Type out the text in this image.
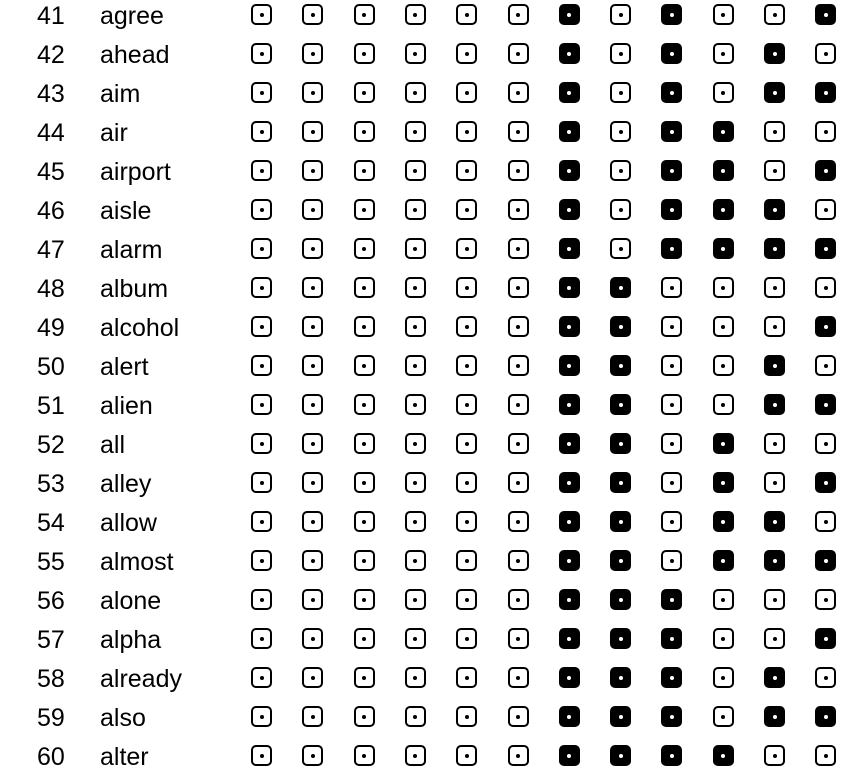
41 agree
42 ahead
43 aim
44 air
45 airport
46 aisle
47 alarm
48 album
49 alcohol
50 alert
51 alien
52 all
53 alley
54 allow
55 almost
56 alone
57 alpha
58 already
59 also
60 alter
